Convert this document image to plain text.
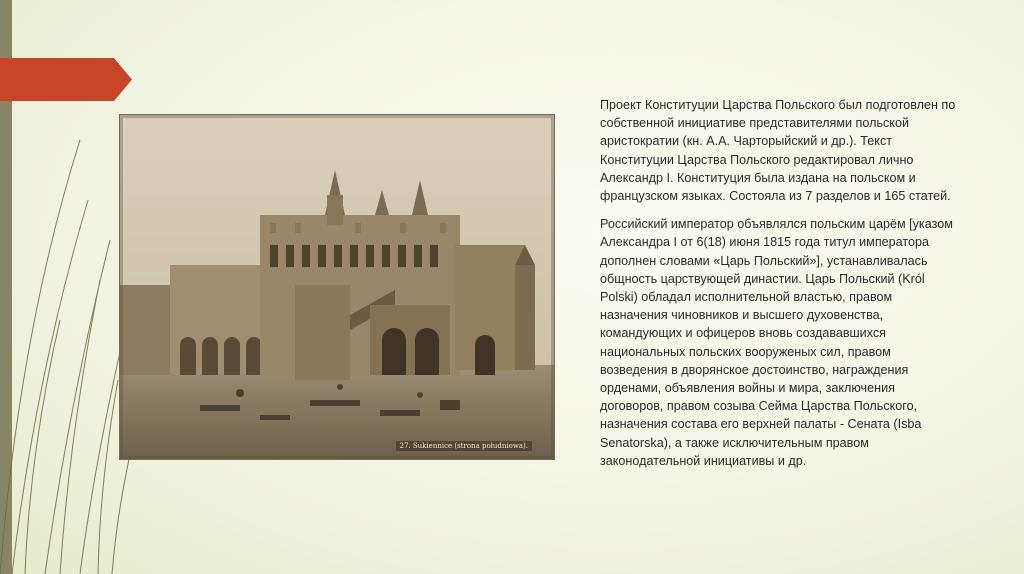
27. Sukiennice (strona południowa).

Проект Конституции Царства Польского был подготовлен по собственной инициативе представителями польской аристократии (кн. А.А. Чарторыйский и др.). Текст Конституции Царства Польского редактировал лично Александр I. Конституция была издана на польском и французском языках. Состояла из 7 разделов и 165 статей.

Российский император объявлялся польским царём [указом Александра I от 6(18) июня 1815 года титул императора дополнен словами «Царь Польский»], устанавливалась общность царствующей династии. Царь Польский (Król Polski) обладал исполнительной властью, правом назначения чиновников и высшего духовенства, командующих и офицеров вновь создававшихся национальных польских вооруженых сил, правом возведения в дворянское достоинство, награждения орденами, объявления войны и мира, заключения договоров, правом созыва Сейма Царства Польского, назначения состава его верхней палаты - Сената (Isba Senatorska), а также исключительным правом законодательной инициативы и др.
